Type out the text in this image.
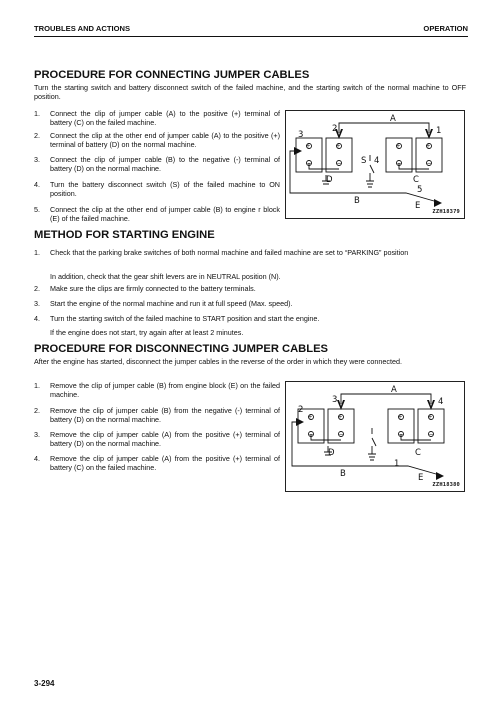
TROUBLES AND ACTIONS	OPERATION
PROCEDURE FOR CONNECTING JUMPER CABLES

Turn the starting switch and battery disconnect switch of the failed machine, and the starting switch of the normal machine to OFF position.

1. Connect the clip of jumper cable (A) to the positive (+) terminal of battery (C) on the failed machine.
2. Connect the clip at the other end of jumper cable (A) to the positive (+) terminal of battery (D) on the normal machine.
3. Connect the clip of jumper cable (B) to the negative (-) terminal of battery (D) on the normal machine.
4. Turn the battery disconnect switch (S) of the failed machine to ON position.
5. Connect the clip at the other end of jumper cable (B) to engine r block (E) of the failed machine.
+
−
+
−
+
−
+
−
3
2	1
A
S 4
D	C
B
5
E
ZZH18379
METHOD FOR STARTING ENGINE
1. Check that the parking brake switches of both normal machine and failed machine are set to “PARKING” position
In addition, check that the gear shift levers are in NEUTRAL position (N).
2. Make sure the clips are firmly connected to the battery terminals.
3. Start the engine of the normal machine and run it at full speed (Max. speed).
4. Turn the starting switch of the failed machine to START position and start the engine.
If the engine does not start, try again after at least 2 minutes.
PROCEDURE FOR DISCONNECTING JUMPER CABLES

After the engine has started, disconnect the jumper cables in the reverse of the order in which they were connected.

1. Remove the clip of jumper cable (B) from engine block (E) on the failed machine.
2. Remove the clip of jumper cable (B) from the negative (-) terminal of battery (D) on the normal machine.
3. Remove the clip of jumper cable (A) from the positive (+) terminal of battery (D) on the normal machine.
4. Remove the clip of jumper cable (A) from the positive (+) terminal of battery (C) on the failed machine.
+
−
+
−
+
−
+
−
2
3	4
A
D	C
B
1
E
ZZH18380
3-294
